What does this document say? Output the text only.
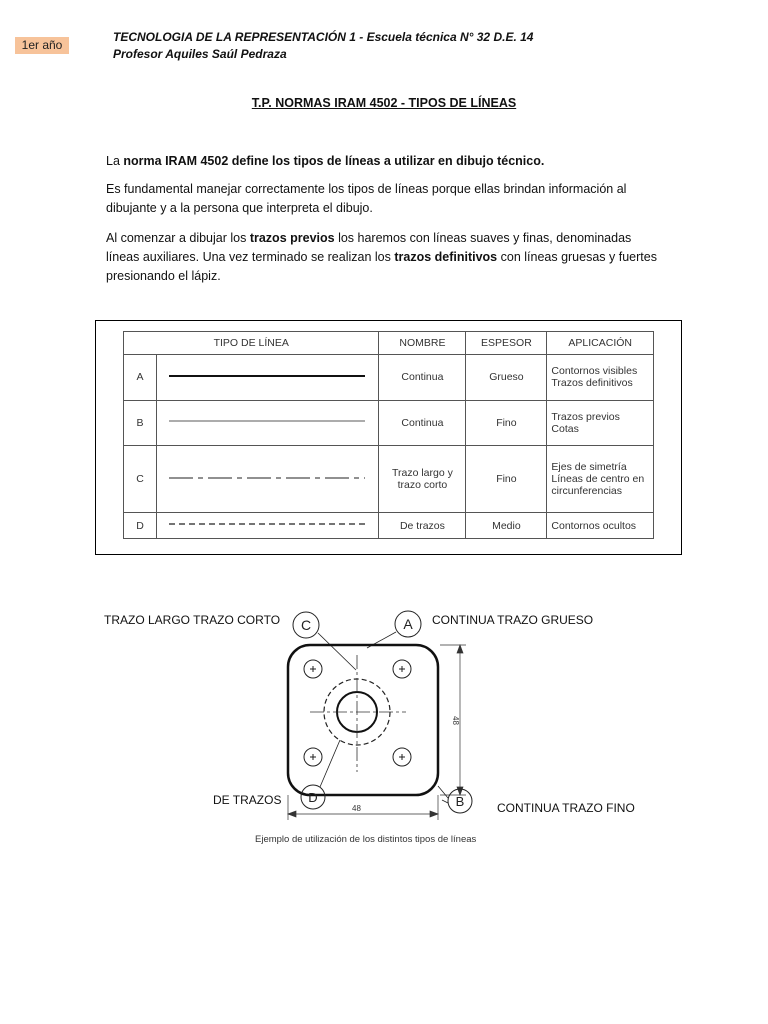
1er año
TECNOLOGIA DE LA REPRESENTACIÓN 1 - Escuela técnica N° 32 D.E. 14
Profesor Aquiles Saúl Pedraza
T.P. NORMAS IRAM 4502 - TIPOS DE LÍNEAS
La norma IRAM 4502 define los tipos de líneas a utilizar en dibujo técnico.
Es fundamental manejar correctamente los tipos de líneas porque ellas brindan información al dibujante y a la persona que interpreta el dibujo.
Al comenzar a dibujar los trazos previos los haremos con líneas suaves y finas, denominadas líneas auxiliares. Una vez terminado se realizan los trazos definitivos con líneas gruesas y fuertes presionando el lápiz.
TIPO DE LÍNEA		NOMBRE	ESPESOR	APLICACIÓN
A		Continua	Grueso	Contornos visibles Trazos definitivos
B		Continua	Fino	Trazos previos Cotas
C		Trazo largo y trazo corto	Fino	Ejes de simetría Líneas de centro en circunferencias
D		De trazos	Medio	Contornos ocultos
TRAZO LARGO TRAZO CORTO	CONTINUA TRAZO GRUESO
DE TRAZOS
CONTINUA TRAZO FINO
C	A
48
48
D	B
Ejemplo de utilización de los distintos tipos de líneas
